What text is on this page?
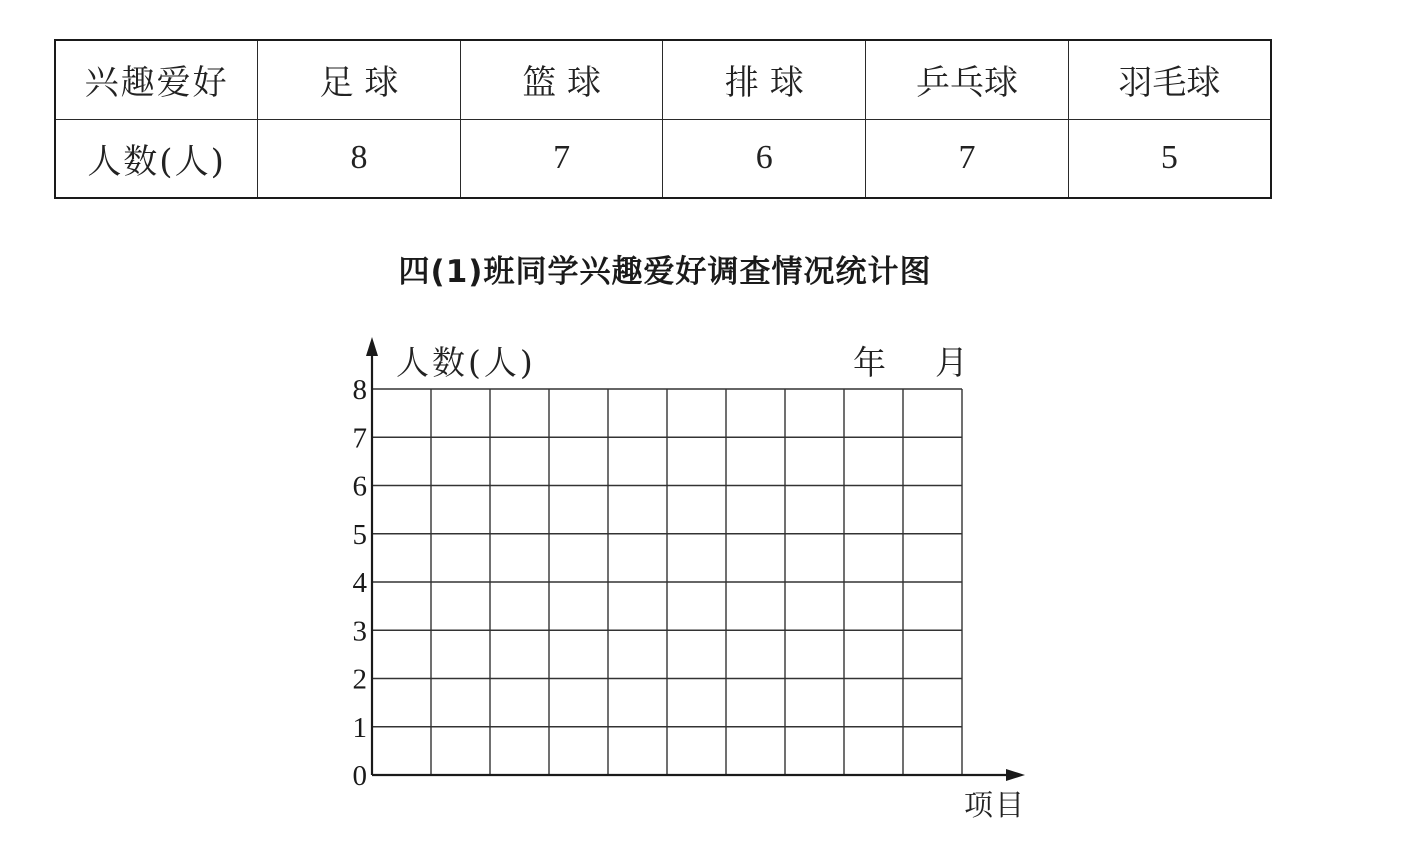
兴趣爱好	足 球	篮 球	排 球	乒乓球	羽毛球
人数(人)	8	7	6	7	5
四(1)班同学兴趣爱好调查情况统计图
0
1
2
3
4
5
6
7
8
人数(人)	年 月
项目
